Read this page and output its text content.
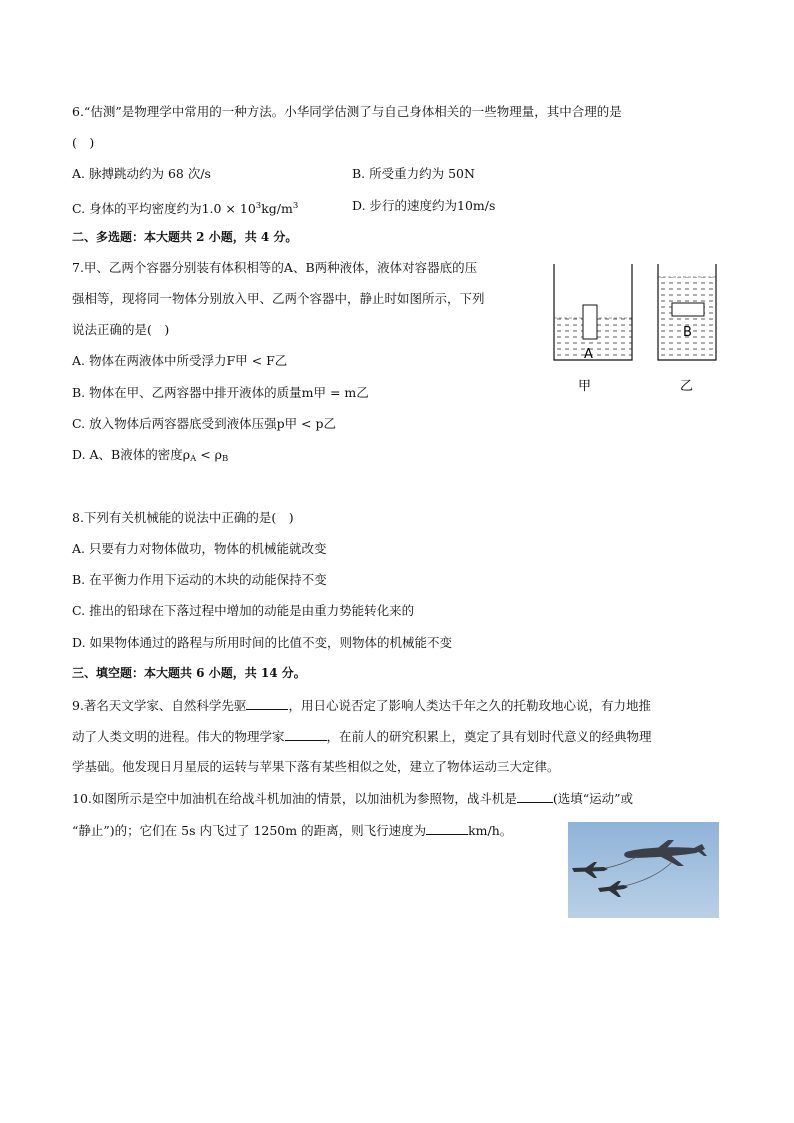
6.“估测”是物理学中常用的一种方法。小华同学估测了与自己身体相关的一些物理量，其中合理的是
(　)
A. 脉搏跳动约为 68 次/s	B. 所受重力约为 50N
C. 身体的平均密度约为$1.0 \times 10^3kg/m^3$	D. 步行的速度约为10m/s
二、多选题：本大题共 2 小题，共 4 分。
7.甲、乙两个容器分别装有体积相等的A、B两种液体，液体对容器底的压
强相等，现将同一物体分别放入甲、乙两个容器中，静止时如图所示，下列
说法正确的是(　)
A. 物体在两液体中所受浮力F甲 < F乙
B. 物体在甲、乙两容器中排开液体的质量m甲 = m乙
C. 放入物体后两容器底受到液体压强p甲 < p乙
D. A、B液体的密度$\rho_A < \rho_B$
A
甲
B
乙
8.下列有关机械能的说法中正确的是(　)
A. 只要有力对物体做功，物体的机械能就改变
B. 在平衡力作用下运动的木块的动能保持不变
C. 推出的铅球在下落过程中增加的动能是由重力势能转化来的
D. 如果物体通过的路程与所用时间的比值不变，则物体的机械能不变
三、填空题：本大题共 6 小题，共 14 分。
9.著名天文学家、自然科学先驱	，用日心说否定了影响人类达千年之久的托勒玫地心说，有力地推
动了人类文明的进程。伟大的物理学家	，在前人的研究积累上，奠定了具有划时代意义的经典物理
学基础。他发现日月星辰的运转与苹果下落有某些相似之处，建立了物体运动三大定律。
10.如图所示是空中加油机在给战斗机加油的情景，以加油机为参照物，战斗机是	(选填“运动”或
“静止”)的；它们在 5s 内飞过了 1250m 的距离，则飞行速度为	km/h。
